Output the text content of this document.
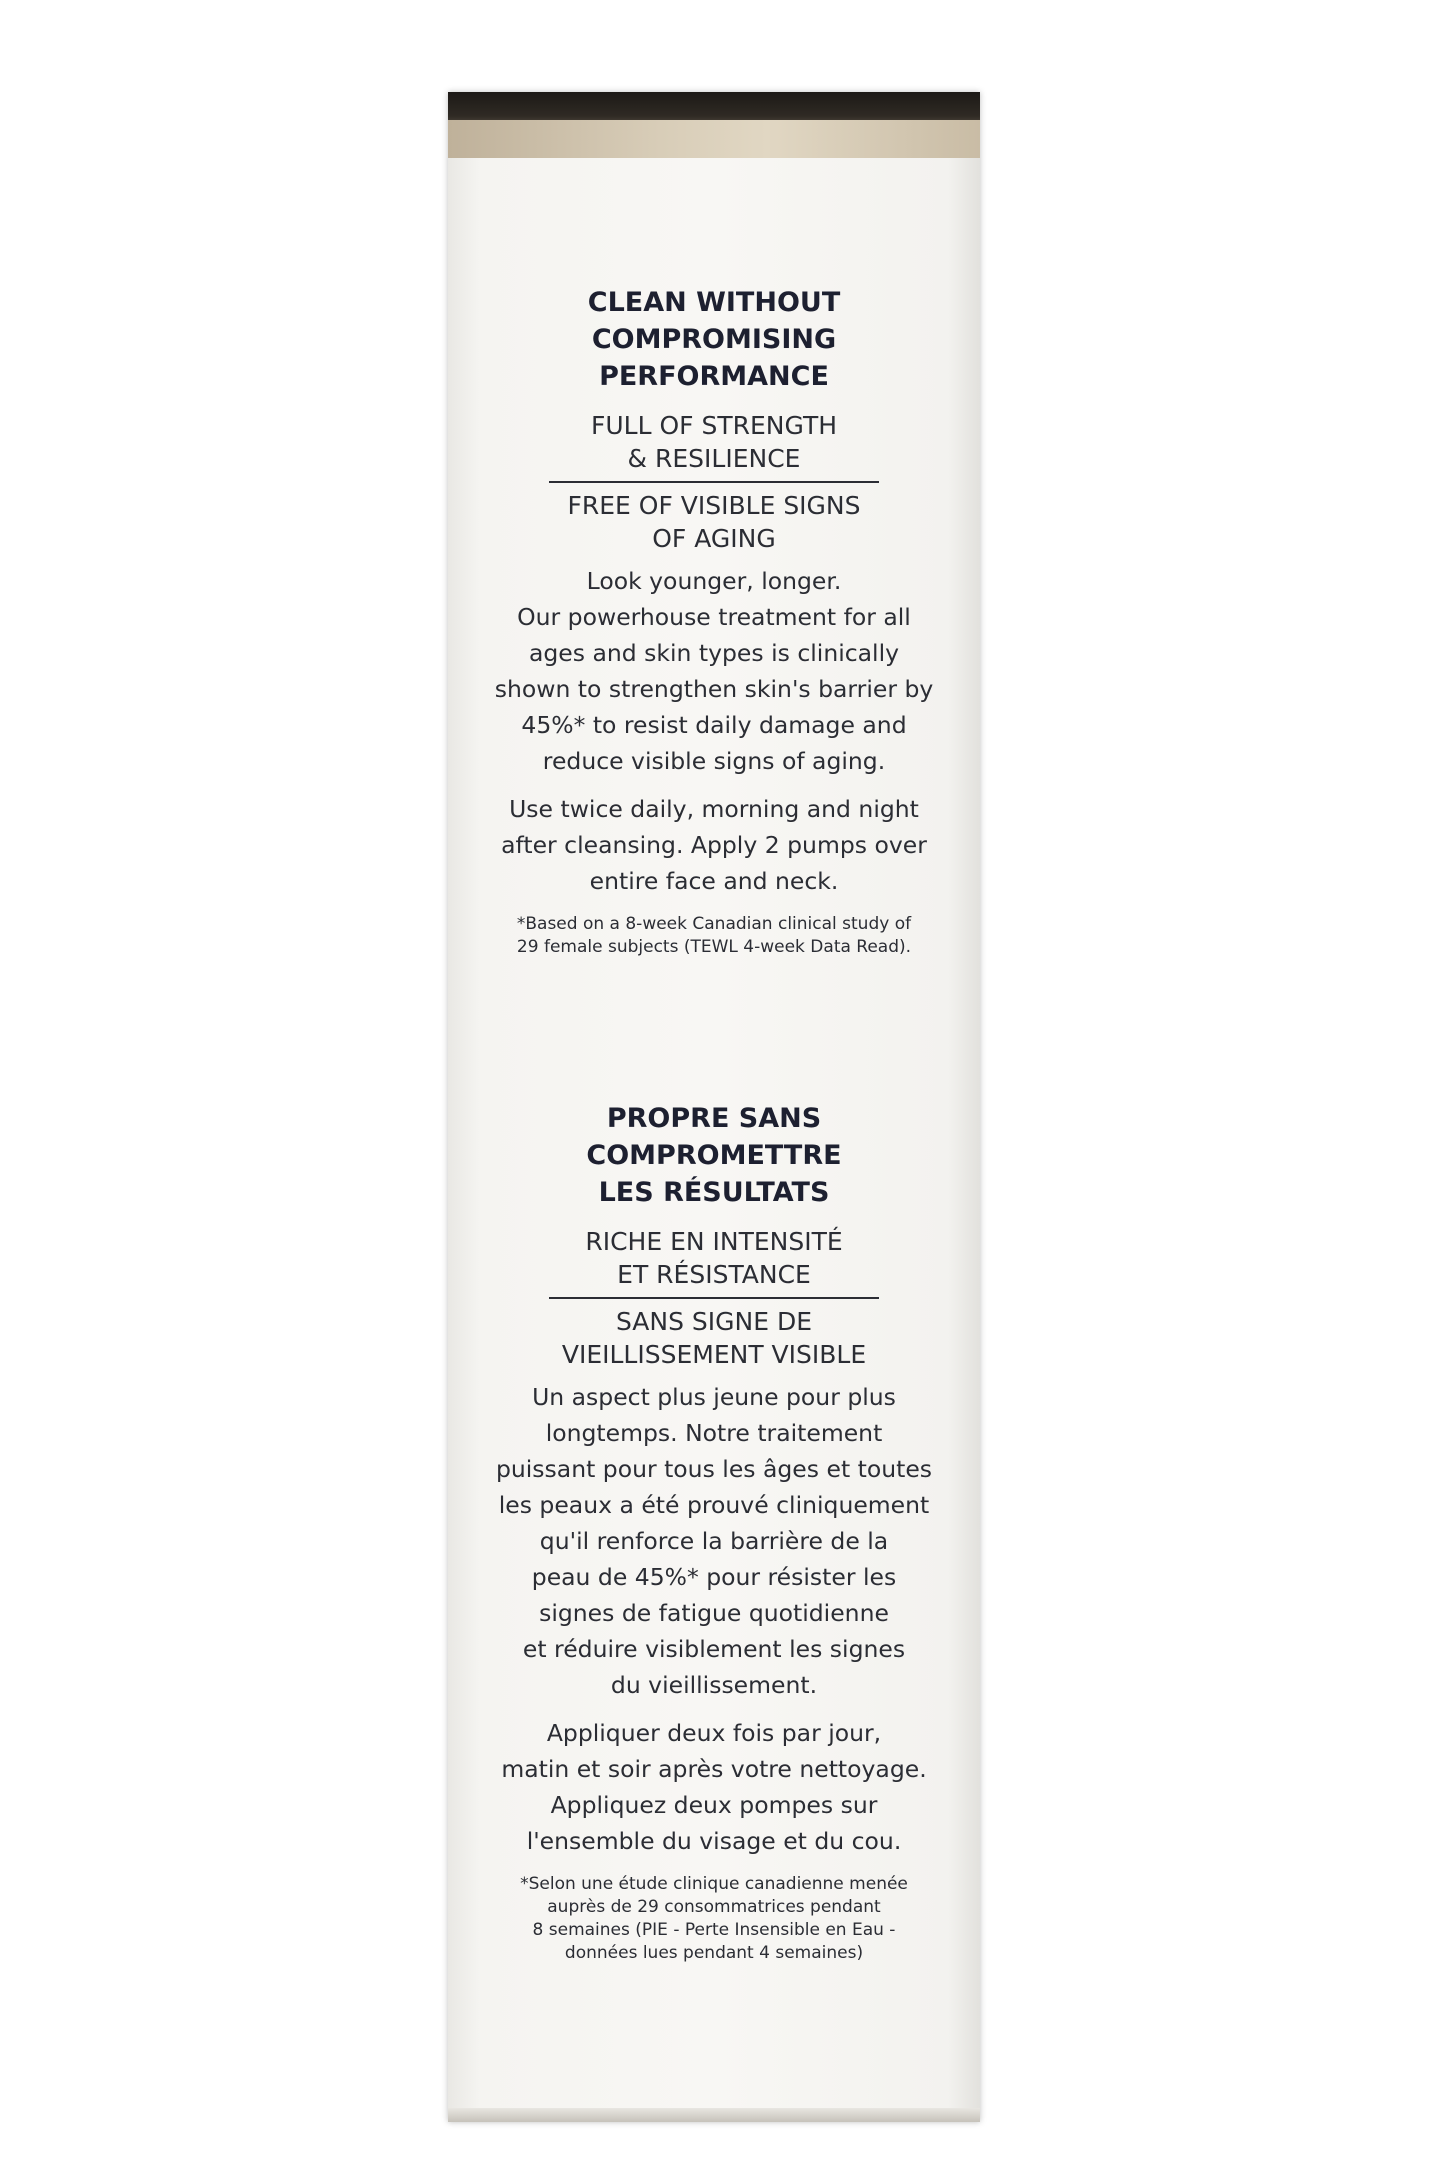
CLEAN WITHOUT
COMPROMISING
PERFORMANCE

FULL OF STRENGTH
& RESILIENCE

FREE OF VISIBLE SIGNS
OF AGING

Look younger, longer.
Our powerhouse treatment for all
ages and skin types is clinically
shown to strengthen skin's barrier by
45%* to resist daily damage and
reduce visible signs of aging.

Use twice daily, morning and night
after cleansing. Apply 2 pumps over
entire face and neck.

*Based on a 8-week Canadian clinical study of
29 female subjects (TEWL 4-week Data Read).

PROPRE SANS
COMPROMETTRE
LES RÉSULTATS

RICHE EN INTENSITÉ
ET RÉSISTANCE

SANS SIGNE DE
VIEILLISSEMENT VISIBLE

Un aspect plus jeune pour plus
longtemps. Notre traitement
puissant pour tous les âges et toutes
les peaux a été prouvé cliniquement
qu'il renforce la barrière de la
peau de 45%* pour résister les
signes de fatigue quotidienne
et réduire visiblement les signes
du vieillissement.

Appliquer deux fois par jour,
matin et soir après votre nettoyage.
Appliquez deux pompes sur
l'ensemble du visage et du cou.

*Selon une étude clinique canadienne menée
auprès de 29 consommatrices pendant
8 semaines (PIE - Perte Insensible en Eau -
données lues pendant 4 semaines)
